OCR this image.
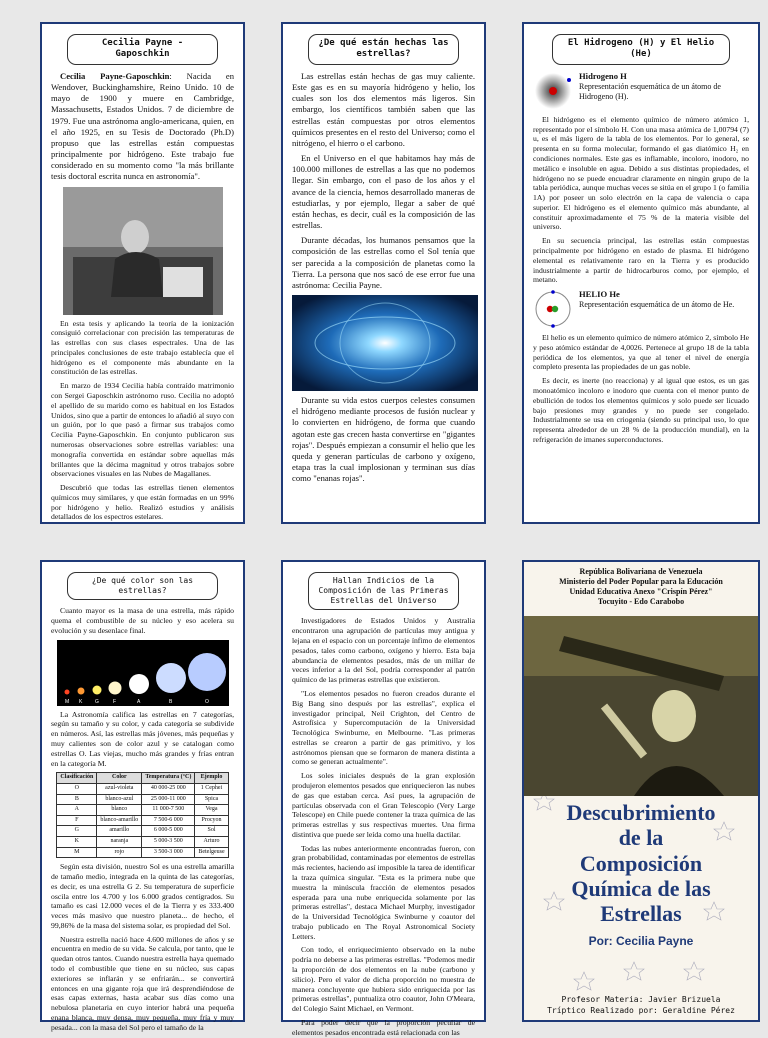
Cecilia Payne - Gaposchkin

Cecilia Payne-Gaposchkin: Nacida en Wendover, Buckinghamshire, Reino Unido. 10 de mayo de 1900 y muere en Cambridge, Massachusetts, Estados Unidos. 7 de diciembre de 1979. Fue una astrónoma anglo-americana, quien, en el año 1925, en su Tesis de Doctorado (Ph.D) propuso que las estrellas están compuestas principalmente por hidrógeno. Este trabajo fue considerado en su momento como "la más brillante tesis doctoral escrita nunca en astronomía".

En esta tesis y aplicando la teoría de la ionización consiguió correlacionar con precisión las temperaturas de las estrellas con sus clases espectrales. Una de las principales conclusiones de este trabajo establecía que el hidrógeno es el componente más abundante en la constitución de las estrellas.

En marzo de 1934 Cecilia había contraído matrimonio con Sergei Gaposchkin astrónomo ruso. Cecilia no adoptó el apellido de su marido como es habitual en los Estados Unidos, sino que a partir de entonces lo añadió al suyo con un guión, por lo que pasó a firmar sus trabajos como Cecilia Payne-Gaposchkin. En conjunto publicaron sus numerosas observaciones sobre estrellas variables: una monografía convertida en estándar sobre aquellas más brillantes que la décima magnitud y otros trabajos sobre observaciones visuales en las Nubes de Magallanes.

Descubrió que todas las estrellas tienen elementos químicos muy similares, y que están formadas en un 99% por hidrógeno y helio. Realizó estudios y análisis detallados de los espectros estelares.

¿De qué están hechas las estrellas?

Las estrellas están hechas de gas muy caliente. Este gas es en su mayoría hidrógeno y helio, los cuales son los dos elementos más ligeros. Sin embargo, los científicos también saben que las estrellas están compuestas por otros elementos químicos presentes en el resto del Universo; como el nitrógeno, el hierro o el carbono.

En el Universo en el que habitamos hay más de 100.000 millones de estrellas a las que no podemos llegar. Sin embargo, con el paso de los años y el avance de la ciencia, hemos desarrollado maneras de estudiarlas, y por ejemplo, llegar a saber de qué están hechas, es decir, cuál es la composición de las estrellas.

Durante décadas, los humanos pensamos que la composición de las estrellas como el Sol tenía que ser parecida a la composición de planetas como la Tierra. La persona que nos sacó de ese error fue una astrónoma: Cecilia Payne.

Durante su vida estos cuerpos celestes consumen el hidrógeno mediante procesos de fusión nuclear y lo convierten en hidrógeno, de forma que cuando agotan este gas crecen hasta convertirse en "gigantes rojas". Después empiezan a consumir el helio que les queda y generan partículas de carbono y oxígeno, etapa tras la cual implosionan y terminan sus días como "enanas rojas".

El Hidrogeno (H) y El Helio (He)
Hidrogeno H
Representación esquemática de un átomo de Hidrogeno (H).

El hidrógeno es el elemento químico de número atómico 1, representado por el símbolo H. Con una masa atómica de 1,00794 (7) u, es el más ligero de la tabla de los elementos. Por lo general, se presenta en su forma molecular, formando el gas diatómico H₂ en condiciones normales. Este gas es inflamable, incoloro, inodoro, no metálico e insoluble en agua. Debido a sus distintas propiedades, el hidrógeno no se puede encuadrar claramente en ningún grupo de la tabla periódica, aunque muchas veces se sitúa en el grupo 1 (o familia 1A) por poseer un solo electrón en la capa de valencia o capa superior. El hidrógeno es el elemento químico más abundante, al constituir aproximadamente el 75 % de la materia visible del universo.

En su secuencia principal, las estrellas están compuestas principalmente por hidrógeno en estado de plasma. El hidrógeno elemental es relativamente raro en la Tierra y es producido industrialmente a partir de hidrocarburos como, por ejemplo, el metano.

HELIO He
Representación esquemática de un átomo de He.

El helio es un elemento químico de número atómico 2, símbolo He y peso atómico estándar de 4,0026. Pertenece al grupo 18 de la tabla periódica de los elementos, ya que al tener el nivel de energía completo presenta las propiedades de un gas noble.

Es decir, es inerte (no reacciona) y al igual que estos, es un gas monoatómico incoloro e inodoro que cuenta con el menor punto de ebullición de todos los elementos químicos y solo puede ser licuado bajo presiones muy grandes y no puede ser congelado. Industrialmente se usa en criogenia (siendo su principal uso, lo que representa alrededor de un 28 % de la producción mundial), en la refrigeración de imanes superconductores.

¿De qué color son las estrellas?

Cuanto mayor es la masa de una estrella, más rápido quema el combustible de su núcleo y eso acelera su evolución y su desenlace final.

M K	G	F	A	B	O

La Astronomía califica las estrellas en 7 categorías, según su tamaño y su color, y cada categoría se subdivide en números. Así, las estrellas más jóvenes, más pequeñas y muy calientes son de color azul y se catalogan como estrellas O. Las viejas, mucho más grandes y frías entran en la categoría M.

Clasificación	Color	Temperatura (°C)	Ejemplo
O	azul-violeta	40 000-25 000	1 Cephei
B	blanco-azul	25 000-11 000	Spica
A	blanco	11 000-7 500	Vega
F	blanco-amarillo	7 500-6 000	Procyon
G	amarillo	6 000-5 000	Sol
K	naranja	5 000-3 500	Arturo
M	rojo	3 500-3 000	Betelgeuse

Según esta división, nuestro Sol es una estrella amarilla de tamaño medio, integrada en la quinta de las categorías, es decir, es una estrella G 2. Su temperatura de superficie oscila entre los 4.700 y los 6.000 grados centígrados. Su tamaño es casi 12.000 veces el de la Tierra y es 333.400 veces más masivo que nuestro planeta... de hecho, el 99,86% de la masa del sistema solar, es propiedad del Sol.

Nuestra estrella nació hace 4.600 millones de años y se encuentra en medio de su vida. Se calcula, por tanto, que le quedan otros tantos. Cuando nuestra estrella haya quemado todo el combustible que tiene en su núcleo, sus capas exteriores se inflarán y se enfriarán... se convertirá entonces en una gigante roja que irá desprendiéndose de esas capas externas, hasta acabar sus días como una nebulosa planetaria en cuyo interior habrá una pequeña enana blanca, muy densa, muy pequeña, muy fría y muy pesada... con la masa del Sol pero el tamaño de la

Hallan Indicios de la Composición de las Primeras Estrellas del Universo

Investigadores de Estados Unidos y Australia encontraron una agrupación de partículas muy antigua y lejana en el espacio con un porcentaje ínfimo de elementos pesados, tales como carbono, oxígeno y hierro. Esta baja abundancia de elementos pesados, más de un millar de veces inferior a la del Sol, podría corresponder al patrón químico de las primeras estrellas que existieron.

"Los elementos pesados no fueron creados durante el Big Bang sino después por las estrellas", explica el investigador principal, Neil Crighton, del Centro de Astrofísica y Supercomputación de la Universidad Tecnológica Swinburne, en Melbourne. "Las primeras estrellas se crearon a partir de gas primitivo, y los astrónomos piensan que se formaron de manera distinta a como se generan actualmente".

Los soles iniciales después de la gran explosión produjeron elementos pesados que enriquecieron las nubes de gas que estaban cerca. Así pues, la agrupación de partículas observada con el Gran Telescopio (Very Large Telescope) en Chile puede contener la traza química de las primeras estrellas y sus respectivas muertes. Una firma distintiva que puede ser leída como una huella dactilar.

Todas las nubes anteriormente encontradas fueron, con gran probabilidad, contaminadas por elementos de estrellas más recientes, haciendo así imposible la tarea de identificar la traza química singular. "Esta es la primera nube que muestra la minúscula fracción de elementos pesados esperada para una nube enriquecida solamente por las primeras estrellas", destaca Michael Murphy, investigador de la Universidad Tecnológica Swinburne y coautor del trabajo publicado en The Royal Astronomical Society Letters.

Con todo, el enriquecimiento observado en la nube podría no deberse a las primeras estrellas. "Podemos medir la proporción de dos elementos en la nube (carbono y silicio). Pero el valor de dicha proporción no muestra de manera concluyente que hubiera sido enriquecida por las primeras estrellas", puntualiza otro coautor, John O'Meara, del Colegio Saint Michael, en Vermont.

Para poder decir que la proporción peculiar de elementos pesados encontrada está relacionada con las

República Bolivariana de Venezuela
Ministerio del Poder Popular para la Educación
Unidad Educativa Anexo "Crispín Pérez"
Tocuyito - Edo Carabobo
Descubrimiento
de la
Composición
Química de las
Estrellas
Por: Cecilia Payne
Profesor Materia: Javier Brizuela
Tríptico Realizado por: Geraldine Pérez
